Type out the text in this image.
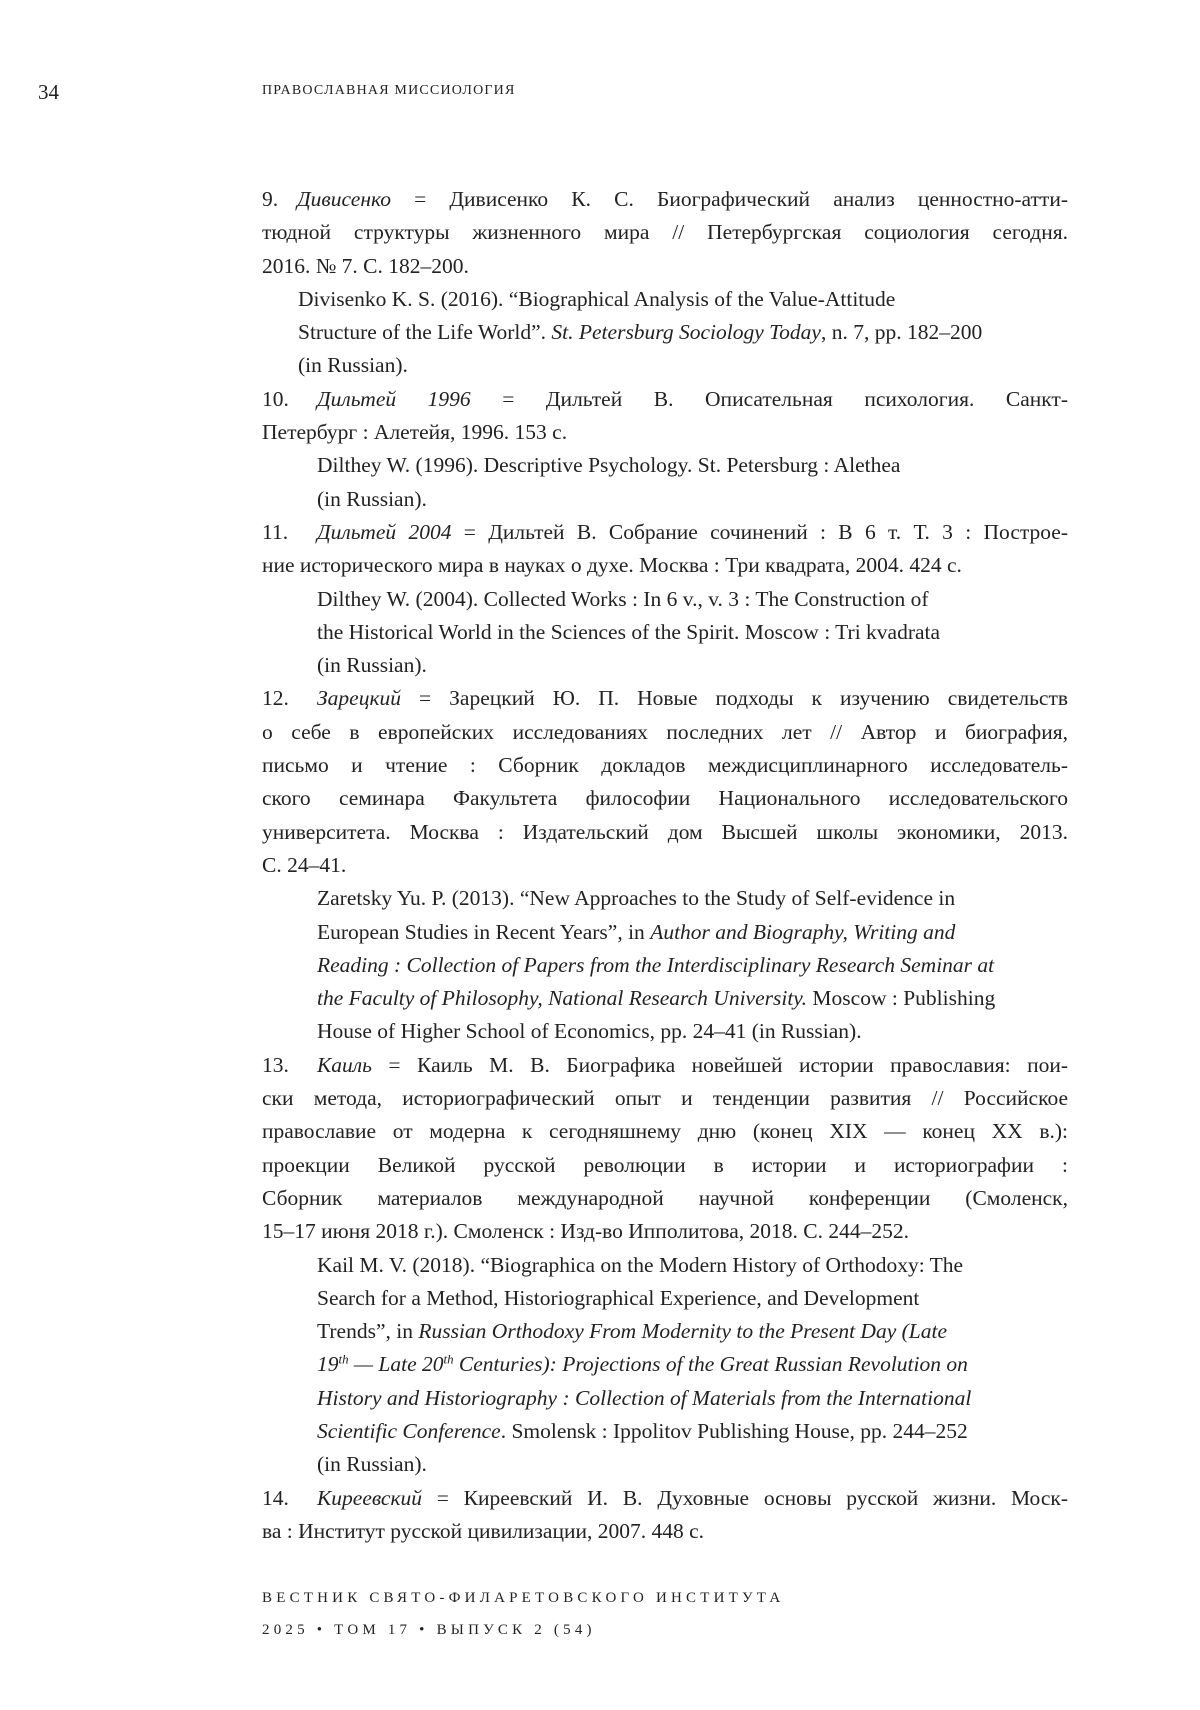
34	ПРАВОСЛАВНАЯ МИССИОЛОГИЯ
9. Дивисенко = Дивисенко К. С. Биографический анализ ценностно-атти-
тюдной структуры жизненного мира // Петербургская социология сегодня.
2016. № 7. С. 182–200.
Divisenko K. S. (2016). “Biographical Analysis of the Value-Attitude
Structure of the Life World”. St. Petersburg Sociology Today, n. 7, pp. 182–200
(in Russian).
10. Дильтей 1996 = Дильтей В. Описательная психология. Санкт-
Петербург : Алетейя, 1996. 153 с.
Dilthey W. (1996). Descriptive Psychology. St. Petersburg : Alethea
(in Russian).
11. Дильтей 2004 = Дильтей В. Собрание сочинений : В 6 т. Т. 3 : Построе-
ние исторического мира в науках о духе. Москва : Три квадрата, 2004. 424 с.
Dilthey W. (2004). Collected Works : In 6 v., v. 3 : The Construction of
the Historical World in the Sciences of the Spirit. Moscow : Tri kvadrata
(in Russian).
12. Зарецкий = Зарецкий Ю. П. Новые подходы к изучению свидетельств
о себе в европейских исследованиях последних лет // Автор и биография,
письмо и чтение : Сборник докладов междисциплинарного исследователь-
ского семинара Факультета философии Национального исследовательского
университета. Москва : Издательский дом Высшей школы экономики, 2013.
С. 24–41.
Zaretsky Yu. P. (2013). “New Approaches to the Study of Self-evidence in
European Studies in Recent Years”, in Author and Biography, Writing and
Reading : Collection of Papers from the Interdisciplinary Research Seminar at
the Faculty of Philosophy, National Research University. Moscow : Publishing
House of Higher School of Economics, pp. 24–41 (in Russian).
13. Каиль = Каиль М. В. Биографика новейшей истории православия: пои-
ски метода, историографический опыт и тенденции развития // Российское
православие от модерна к сегодняшнему дню (конец XIX — конец XX в.):
проекции Великой русской революции в истории и историографии :
Сборник материалов международной научной конференции (Смоленск,
15–17 июня 2018 г.). Смоленск : Изд-во Ипполитова, 2018. С. 244–252.
Kail M. V. (2018). “Biographica on the Modern History of Orthodoxy: The
Search for a Method, Historiographical Experience, and Development
Trends”, in Russian Orthodoxy From Modernity to the Present Day (Late
19th — Late 20th Centuries): Projections of the Great Russian Revolution on
History and Historiography : Collection of Materials from the International
Scientific Conference. Smolensk : Ippolitov Publishing House, pp. 244–252
(in Russian).
14. Киреевский = Киреевский И. В. Духовные основы русской жизни. Моск-
ва : Институт русской цивилизации, 2007. 448 с.
ВЕСТНИК СВЯТО-ФИЛАРЕТОВСКОГО ИНСТИТУТА
2025 • ТОМ 17 • ВЫПУСК 2 (54)
